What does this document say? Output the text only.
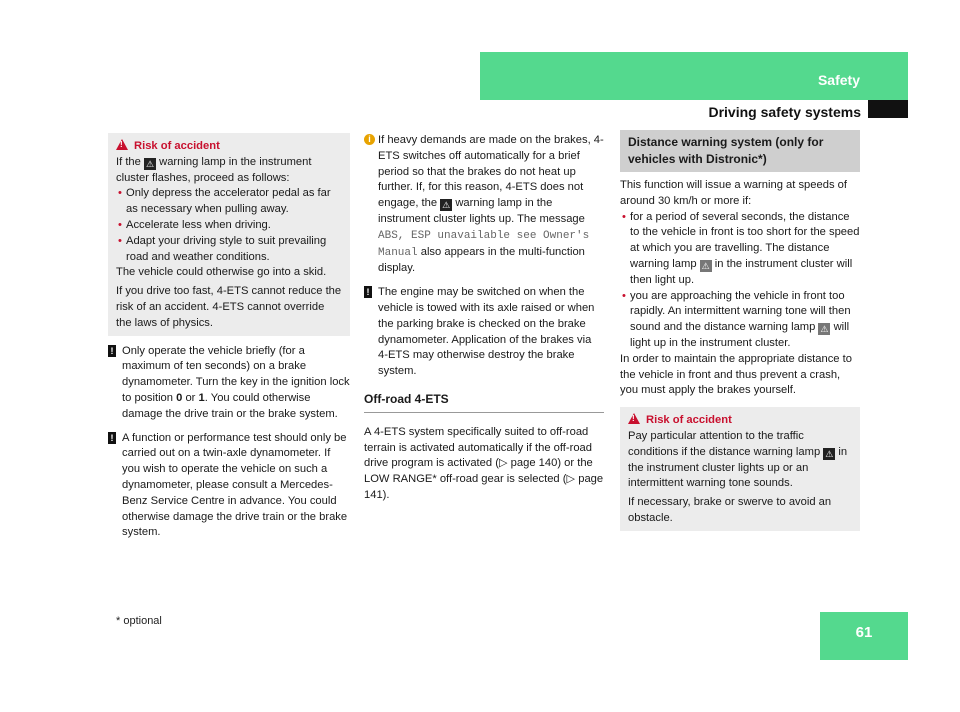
Safety
Driving safety systems

!Risk of accident

If the ⚠ warning lamp in the instrument cluster flashes, proceed as follows:

• Only depress the accelerator pedal as far as necessary when pulling away.

• Accelerate less when driving.

• Adapt your driving style to suit prevailing road and weather conditions.

The vehicle could otherwise go into a skid.

If you drive too fast, 4-ETS cannot reduce the risk of an accident. 4-ETS cannot override the laws of physics.

! Only operate the vehicle briefly (for a maximum of ten seconds) on a brake dynamometer. Turn the key in the ignition lock to position 0 or 1. You could otherwise damage the drive train or the brake system.
! A function or performance test should only be carried out on a twin-axle dynamometer. If you wish to operate the vehicle on such a dynamometer, please consult a Mercedes-Benz Service Centre in advance. You could otherwise damage the drive train or the brake system.
i If heavy demands are made on the brakes, 4-ETS switches off automatically for a brief period so that the brakes do not heat up further. If, for this reason, 4-ETS does not engage, the ⚠ warning lamp in the instrument cluster lights up. The message ABS, ESP unavailable see Owner's Manual also appears in the multi-function display.
! The engine may be switched on when the vehicle is towed with its axle raised or when the parking brake is checked on the brake dynamometer. Application of the brakes via 4-ETS may otherwise destroy the brake system.
Off-road 4-ETS

A 4-ETS system specifically suited to off-road terrain is activated automatically if the off-road drive program is activated (▷ page 140) or the LOW RANGE* off-road gear is selected (▷ page 141).

Distance warning system (only for vehicles with Distronic*)

This function will issue a warning at speeds of around 30 km/h or more if:

• for a period of several seconds, the distance to the vehicle in front is too short for the speed at which you are travelling. The distance warning lamp ⚠ in the instrument cluster will then light up.

• you are approaching the vehicle in front too rapidly. An intermittent warning tone will then sound and the distance warning lamp ⚠ will light up in the instrument cluster.

In order to maintain the appropriate distance to the vehicle in front and thus prevent a crash, you must apply the brakes yourself.

!Risk of accident

Pay particular attention to the traffic conditions if the distance warning lamp ⚠ in the instrument cluster lights up or an intermittent warning tone sounds.

If necessary, brake or swerve to avoid an obstacle.

* optional
61
